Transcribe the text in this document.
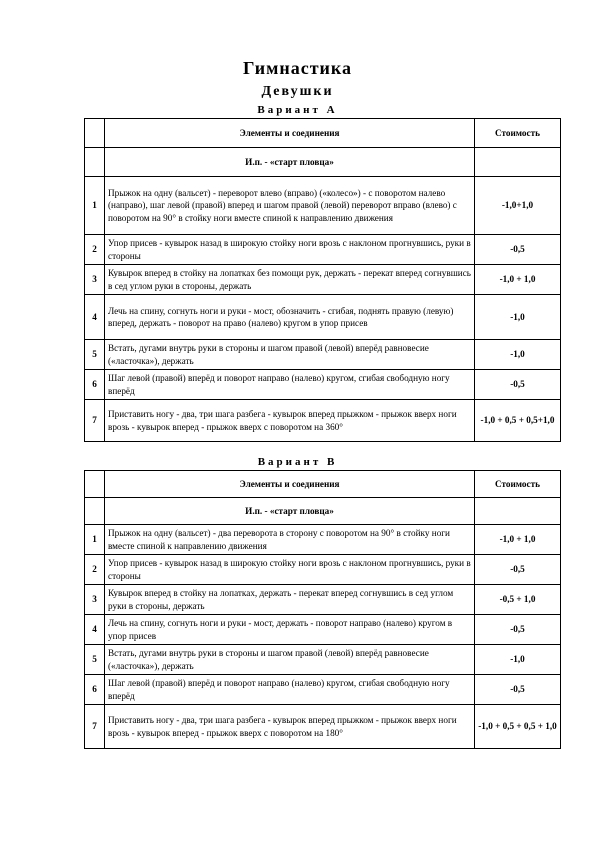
Гимнастика
Девушки
Вариант А
	Элементы и соединения	Стоимость
	И.п. - «старт пловца»	
1	Прыжок на одну (вальсет) - переворот влево (вправо) («колесо») - с поворотом налево (направо), шаг левой (правой) вперед и шагом правой (левой) переворот вправо (влево) с поворотом на 90° в стойку ноги вместе спиной к направлению движения	-1,0+1,0
2	Упор присев - кувырок назад в широкую стойку ноги врозь с наклоном прогнувшись, руки в стороны	-0,5
3	Кувырок вперед в стойку на лопатках без помощи рук, держать - перекат вперед согнувшись в сед углом руки в стороны, держать	-1,0 + 1,0
4	Лечь на спину, согнуть ноги и руки - мост, обозначить - сгибая, поднять правую (левую) вперед, держать - поворот на право (налево) кругом в упор присев	-1,0
5	Встать, дугами внутрь руки в стороны и шагом правой (левой) вперёд равновесие («ласточка»), держать	-1,0
6	Шаг левой (правой) вперёд и поворот направо (налево) кругом, сгибая свободную ногу вперёд	-0,5
7	Приставить ногу - два, три шага разбега - кувырок вперед прыжком - прыжок вверх ноги врозь - кувырок вперед - прыжок вверх с поворотом на 360°	-1,0 + 0,5 + 0,5+1,0
Вариант В
	Элементы и соединения	Стоимость
	И.п. - «старт пловца»	
1	Прыжок на одну (вальсет) - два переворота в сторону с поворотом на 90° в стойку ноги вместе спиной к направлению движения	-1,0 + 1,0
2	Упор присев - кувырок назад в широкую стойку ноги врозь с наклоном прогнувшись, руки в стороны	-0,5
3	Кувырок вперед в стойку на лопатках, держать - перекат вперед согнувшись в сед углом руки в стороны, держать	-0,5 + 1,0
4	Лечь на спину, согнуть ноги и руки - мост, держать - поворот направо (налево) кругом в упор присев	-0,5
5	Встать, дугами внутрь руки в стороны и шагом правой (левой) вперёд равновесие («ласточка»), держать	-1,0
6	Шаг левой (правой) вперёд и поворот направо (налево) кругом, сгибая свободную ногу вперёд	-0,5
7	Приставить ногу - два, три шага разбега - кувырок вперед прыжком - прыжок вверх ноги врозь - кувырок вперед - прыжок вверх с поворотом на 180°	-1,0 + 0,5 + 0,5 + 1,0
